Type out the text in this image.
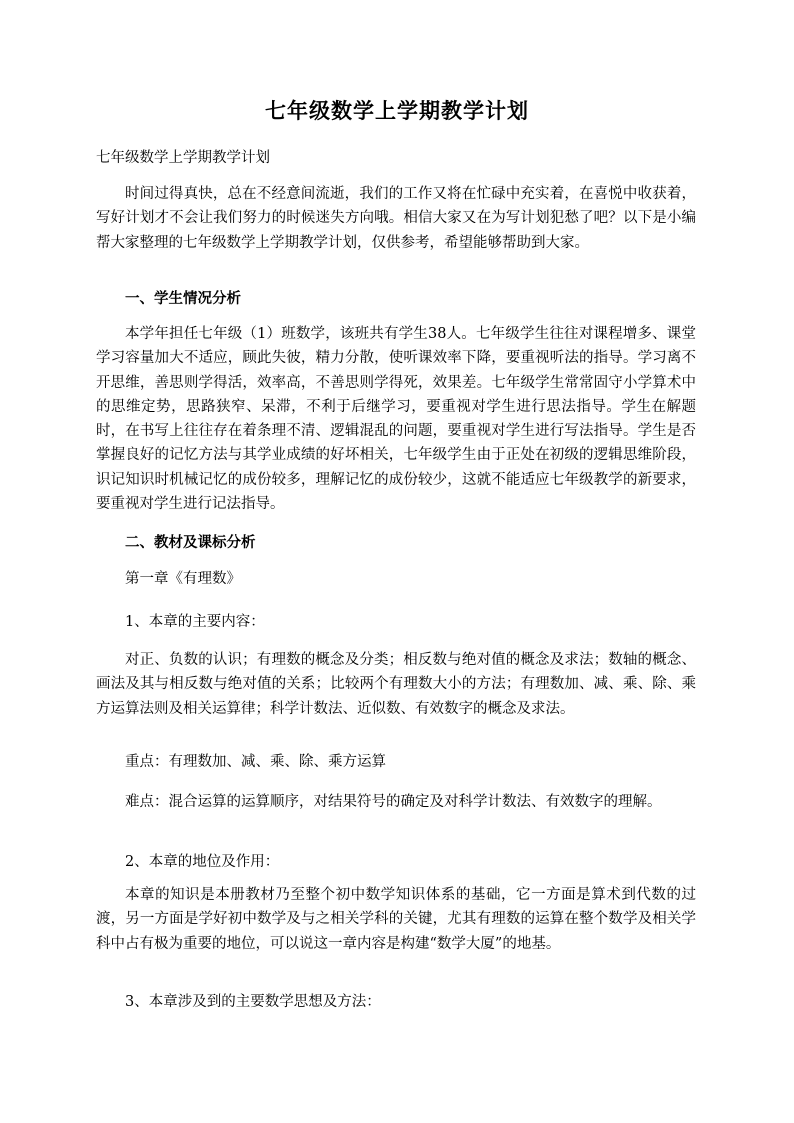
七年级数学上学期教学计划

七年级数学上学期教学计划

时间过得真快，总在不经意间流逝，我们的工作又将在忙碌中充实着，在喜悦中收获着，写好计划才不会让我们努力的时候迷失方向哦。相信大家又在为写计划犯愁了吧？以下是小编帮大家整理的七年级数学上学期教学计划，仅供参考，希望能够帮助到大家。

一、学生情况分析

本学年担任七年级（1）班数学，该班共有学生38人。七年级学生往往对课程增多、课堂学习容量加大不适应，顾此失彼，精力分散，使听课效率下降，要重视听法的指导。学习离不开思维，善思则学得活，效率高，不善思则学得死，效果差。七年级学生常常固守小学算术中的思维定势，思路狭窄、呆滞，不利于后继学习，要重视对学生进行思法指导。学生在解题时，在书写上往往存在着条理不清、逻辑混乱的问题，要重视对学生进行写法指导。学生是否掌握良好的记忆方法与其学业成绩的好坏相关，七年级学生由于正处在初级的逻辑思维阶段，识记知识时机械记忆的成份较多，理解记忆的成份较少，这就不能适应七年级教学的新要求，要重视对学生进行记法指导。

二、教材及课标分析

第一章《有理数》

1、本章的主要内容：

对正、负数的认识；有理数的概念及分类；相反数与绝对值的概念及求法；数轴的概念、画法及其与相反数与绝对值的关系；比较两个有理数大小的方法；有理数加、减、乘、除、乘方运算法则及相关运算律；科学计数法、近似数、有效数字的概念及求法。

重点：有理数加、减、乘、除、乘方运算

难点：混合运算的运算顺序，对结果符号的确定及对科学计数法、有效数字的理解。

2、本章的地位及作用：

本章的知识是本册教材乃至整个初中数学知识体系的基础，它一方面是算术到代数的过渡，另一方面是学好初中数学及与之相关学科的关键，尤其有理数的运算在整个数学及相关学科中占有极为重要的地位，可以说这一章内容是构建“数学大厦”的地基。

3、本章涉及到的主要数学思想及方法：
